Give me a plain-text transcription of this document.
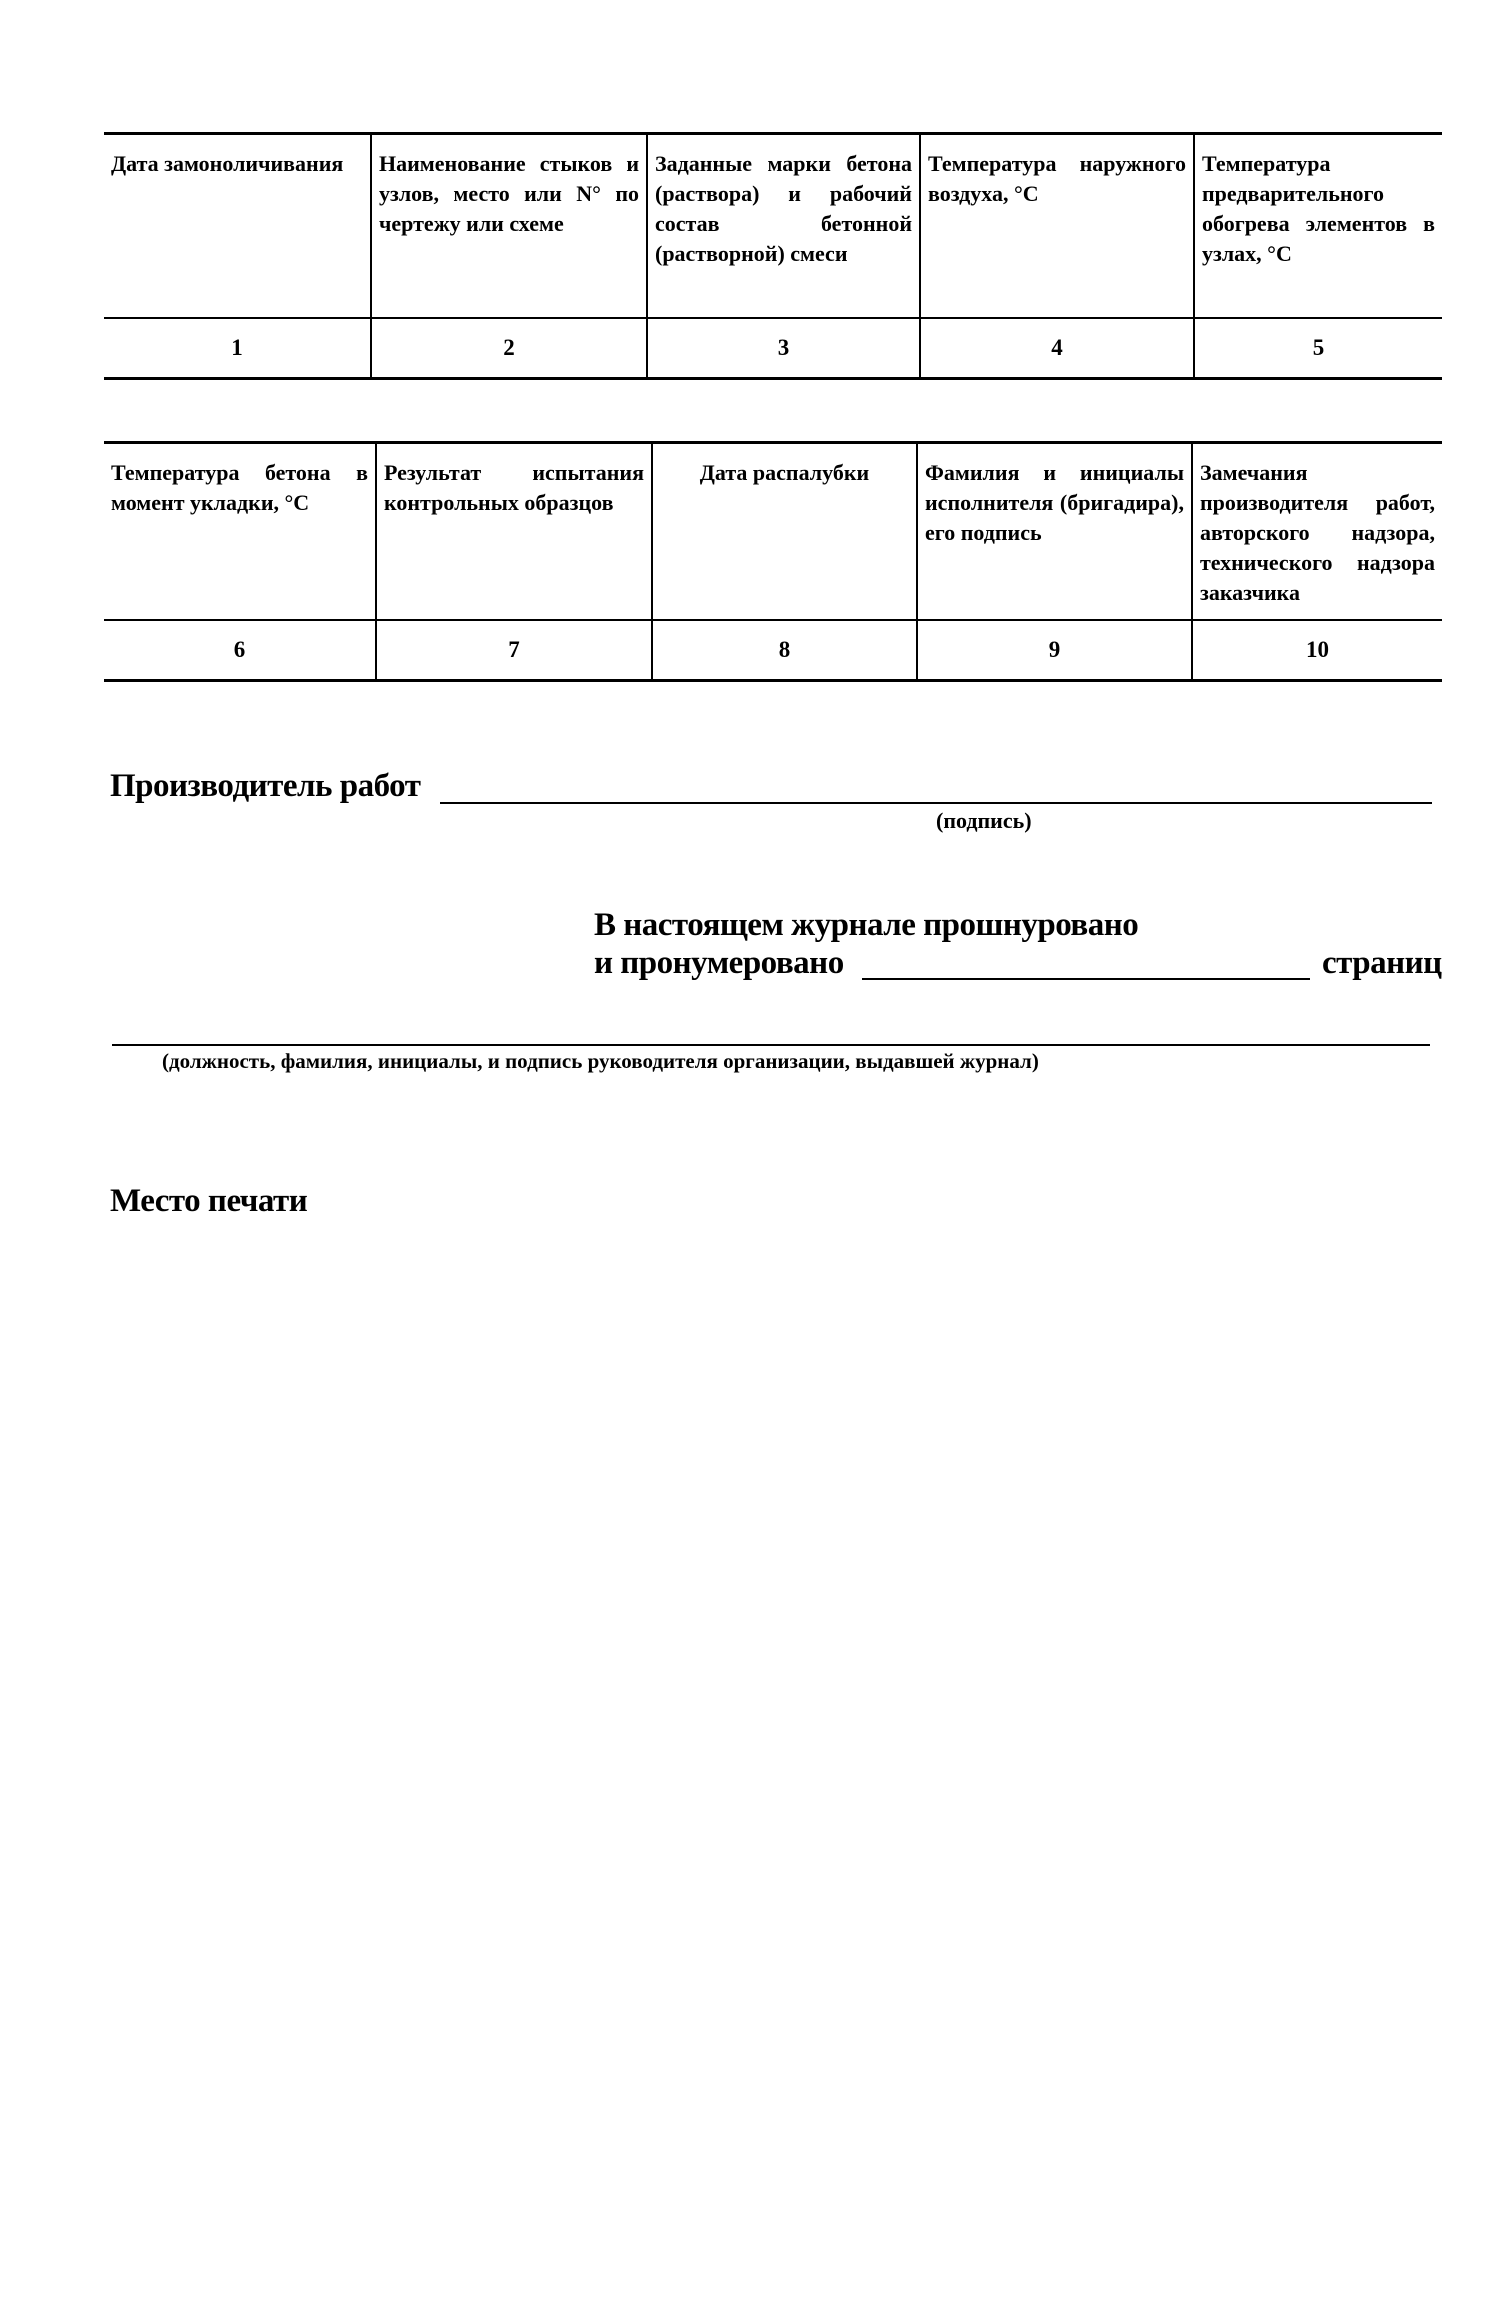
Дата замоноличивания	Наименование стыков и узлов, место или N° по чертежу или схеме	Заданные марки бетона (раствора) и рабочий состав бетонной (растворной) смеси	Температура наружного воздуха, °С	Температура предварительного обогрева элементов в узлах, °С

1	2	3	4	5
Температура бетона в момент укладки, °С	Результат испытания контрольных образцов	Дата распалубки	Фамилия и инициалы исполнителя (бригадира), его подпись	Замечания производителя работ, авторского надзора, технического надзора заказчика

6	7	8	9	10
Производитель работ
(подпись)
В настоящем журнале прошнуровано
и пронумеровано	страниц
(должность, фамилия, инициалы, и подпись руководителя организации, выдавшей журнал)
Место печати
